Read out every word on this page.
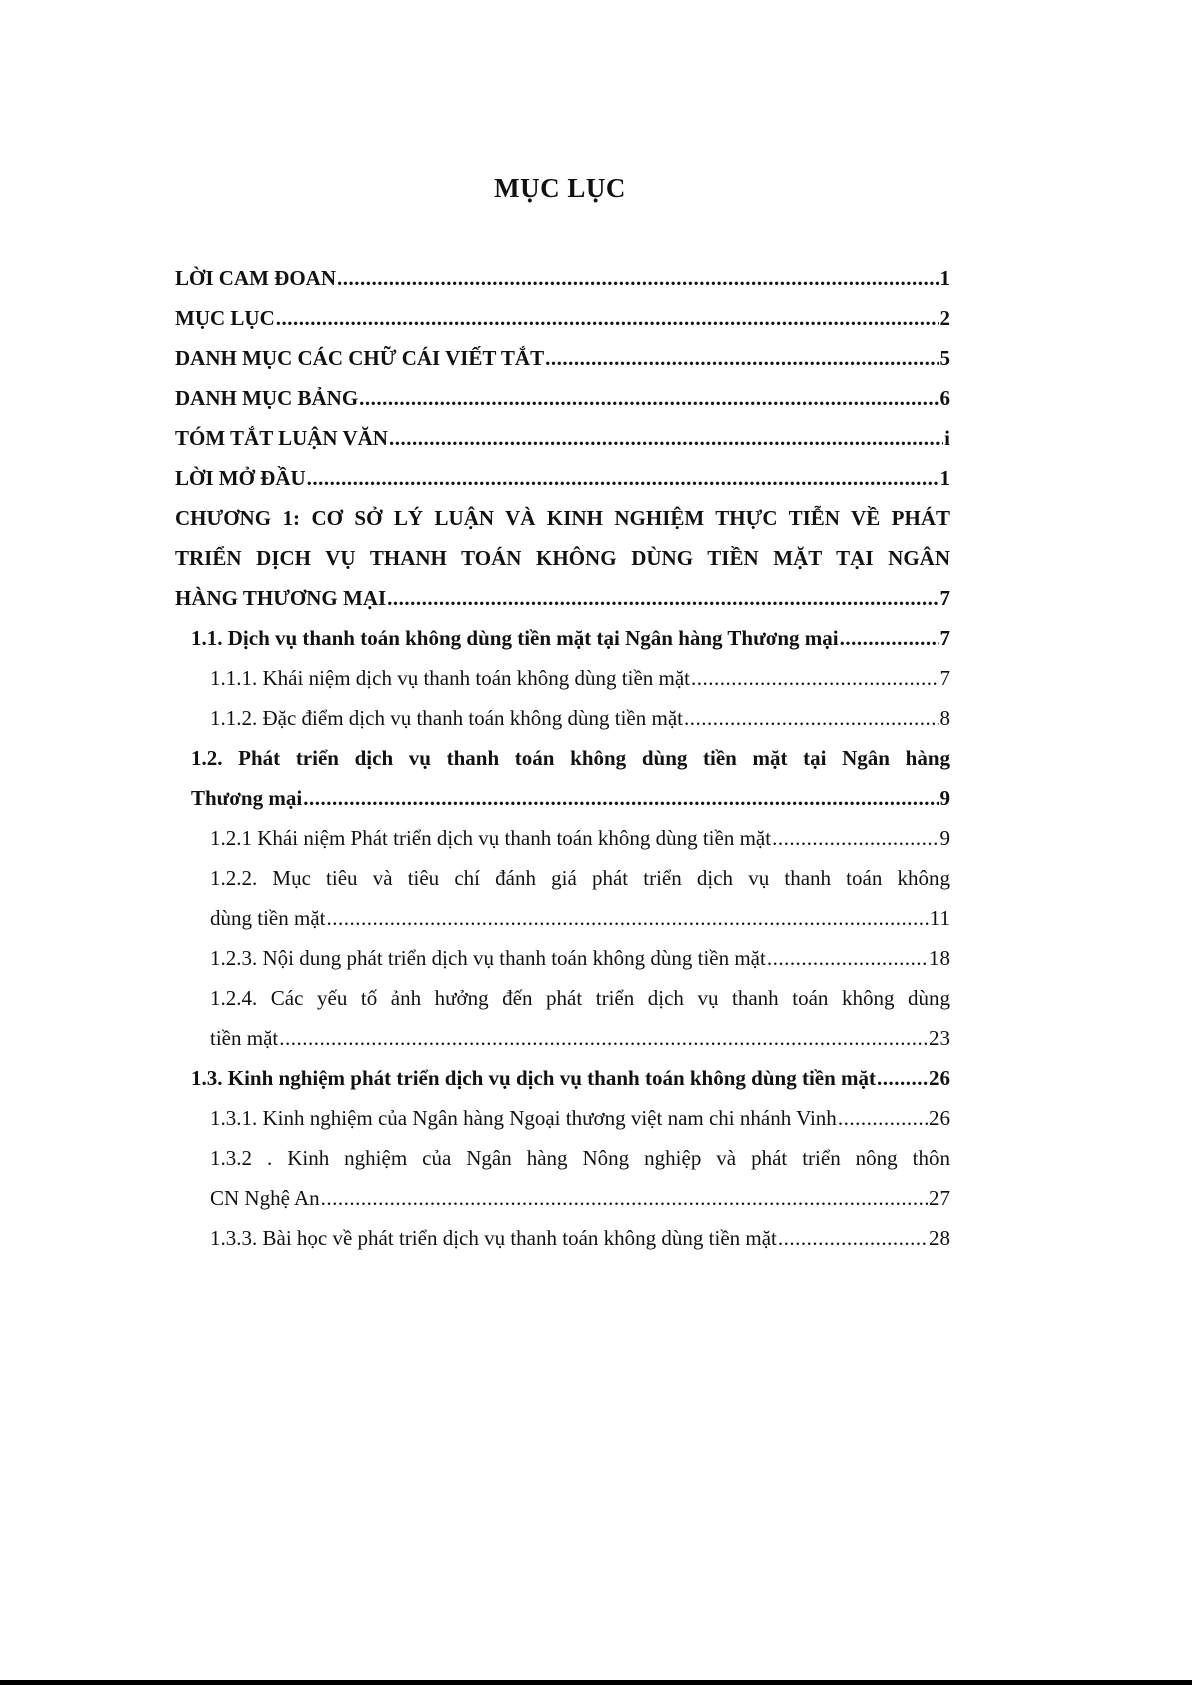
MỤC LỤC
LỜI CAM ĐOAN .....	1
MỤC LỤC .....	2
DANH MỤC CÁC CHỮ CÁI VIẾT TẮT .....	5
DANH MỤC BẢNG .....	6
TÓM TẮT LUẬN VĂN .....	i
LỜI MỞ ĐẦU .....	1
CHƯƠNG 1: CƠ SỞ LÝ LUẬN VÀ KINH NGHIỆM THỰC TIỄN VỀ PHÁT
TRIỂN DỊCH VỤ THANH TOÁN KHÔNG DÙNG TIỀN MẶT TẠI NGÂN
HÀNG THƯƠNG MẠI .....	7
1.1. Dịch vụ thanh toán không dùng tiền mặt tại Ngân hàng Thương mại .....	7
1.1.1. Khái niệm dịch vụ thanh toán không dùng tiền mặt .....	7
1.1.2. Đặc điểm dịch vụ thanh toán không dùng tiền mặt .....	8
1.2. Phát triển dịch vụ thanh toán không dùng tiền mặt tại Ngân hàng
Thương mại .....	9
1.2.1 Khái niệm Phát triển dịch vụ thanh toán không dùng tiền mặt .....	9
1.2.2. Mục tiêu và tiêu chí đánh giá phát triển dịch vụ thanh toán không
dùng tiền mặt .....	11
1.2.3. Nội dung phát triển dịch vụ thanh toán không dùng tiền mặt .....	18
1.2.4. Các yếu tố ảnh hưởng đến phát triển dịch vụ thanh toán không dùng
tiền mặt .....	23
1.3. Kinh nghiệm phát triển dịch vụ dịch vụ thanh toán không dùng tiền mặt .....	26
1.3.1. Kinh nghiệm của Ngân hàng Ngoại thương việt nam chi nhánh Vinh .....	26
1.3.2 . Kinh nghiệm của Ngân hàng Nông nghiệp và phát triển nông thôn
CN Nghệ An .....	27
1.3.3. Bài học về phát triển dịch vụ thanh toán không dùng tiền mặt .....	28
